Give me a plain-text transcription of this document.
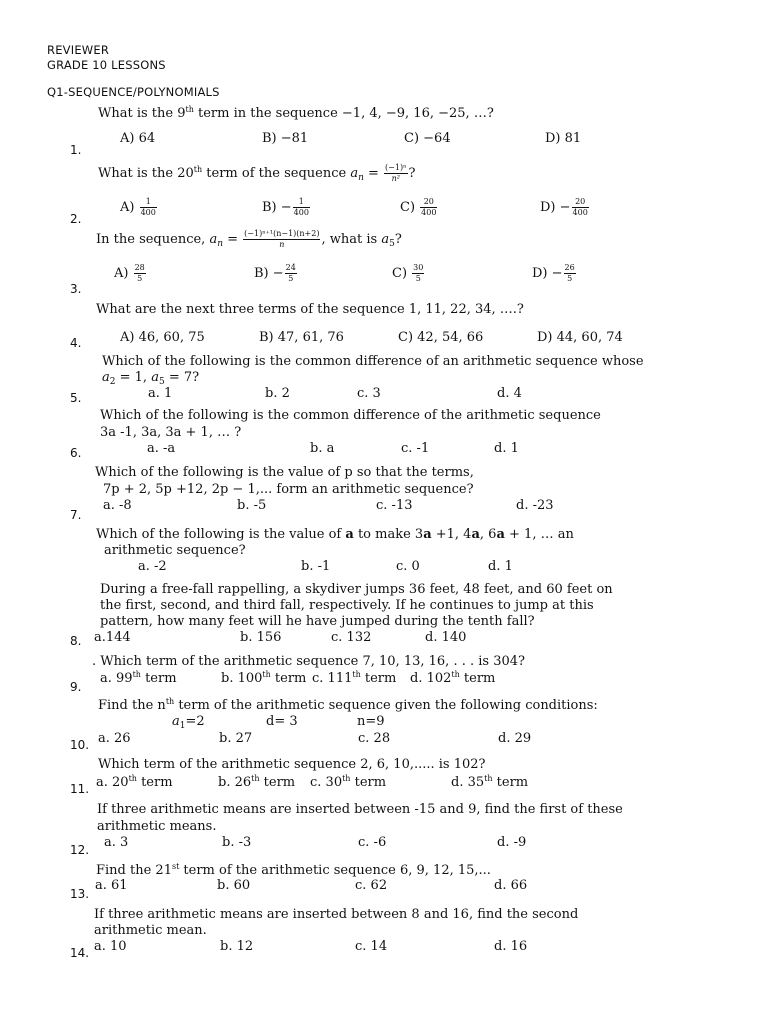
REVIEWER
GRADE 10 LESSONS
Q1-SEQUENCE/POLYNOMIALS
What is the 9th term in the sequence −1, 4, −9, 16, −25, …?
A) 64	B) −81	C) −64	D) 81
1.
What is the 20th term of the sequence $a_n = \frac{\text{(−1)ⁿ}}{\text{n²}}$ ?
$A) \frac{1}{400}$	$B) - \frac{1}{400}$	$C) \frac{20}{400}$	$D) - \frac{20}{400}$
2.
In the sequence, $a_n = \frac{\text{(−1)ⁿ⁺¹(n−1)(n+2)}}{n}$ , what is $a_5$?
$A) \frac{28}{5}$	$B) - \frac{24}{5}$	$C) \frac{30}{5}$	$D) - \frac{26}{5}$
3.
What are the next three terms of the sequence 1, 11, 22, 34, ….?
A) 46, 60, 75	B) 47, 61, 76	C) 42, 54, 66	D) 44, 60, 74
4.
Which of the following is the common difference of an arithmetic sequence whose
$a_2 = 1$, $a_5 = 7$?
a. 1	b. 2	c. 3	d. 4
5.
Which of the following is the common difference of the arithmetic sequence
3a -1, 3a, 3a + 1, … ?
a. -a	b. a	c. -1	d. 1
6.
Which of the following is the value of p so that the terms,
7p + 2, 5p +12, 2p − 1,... form an arithmetic sequence?
a. -8	b. -5	c. -13	d. -23
7.
Which of the following is the value of a to make 3a +1, 4a, 6a + 1, … an
arithmetic sequence?
a. -2	b. -1	c. 0	d. 1
During a free-fall rappelling, a skydiver jumps 36 feet, 48 feet, and 60 feet on
the first, second, and third fall, respectively. If he continues to jump at this
pattern, how many feet will he have jumped during the tenth fall?
a.144	b. 156	c. 132	d. 140
8.
. Which term of the arithmetic sequence 7, 10, 13, 16, . . . is 304?
a. 99th term	b. 100th term c. 111th term d. 102th term
9.
Find the $n^{th}$ term of the arithmetic sequence given the following conditions:
$a_1=2$	d= 3	n=9
a. 26	b. 27	c. 28	d. 29
10.
Which term of the arithmetic sequence 2, 6, 10,..... is 102?
a. 20th term	b. 26th term c. 30th term	d. 35th term
11.
If three arithmetic means are inserted between -15 and 9, find the first of these
arithmetic means.
a. 3	b. -3	c. -6	d. -9
12.
Find the 21st term of the arithmetic sequence 6, 9, 12, 15,...
a. 61	b. 60	c. 62	d. 66
13.
If three arithmetic means are inserted between 8 and 16, find the second
arithmetic mean.
a. 10	b. 12	c. 14	d. 16
14.
